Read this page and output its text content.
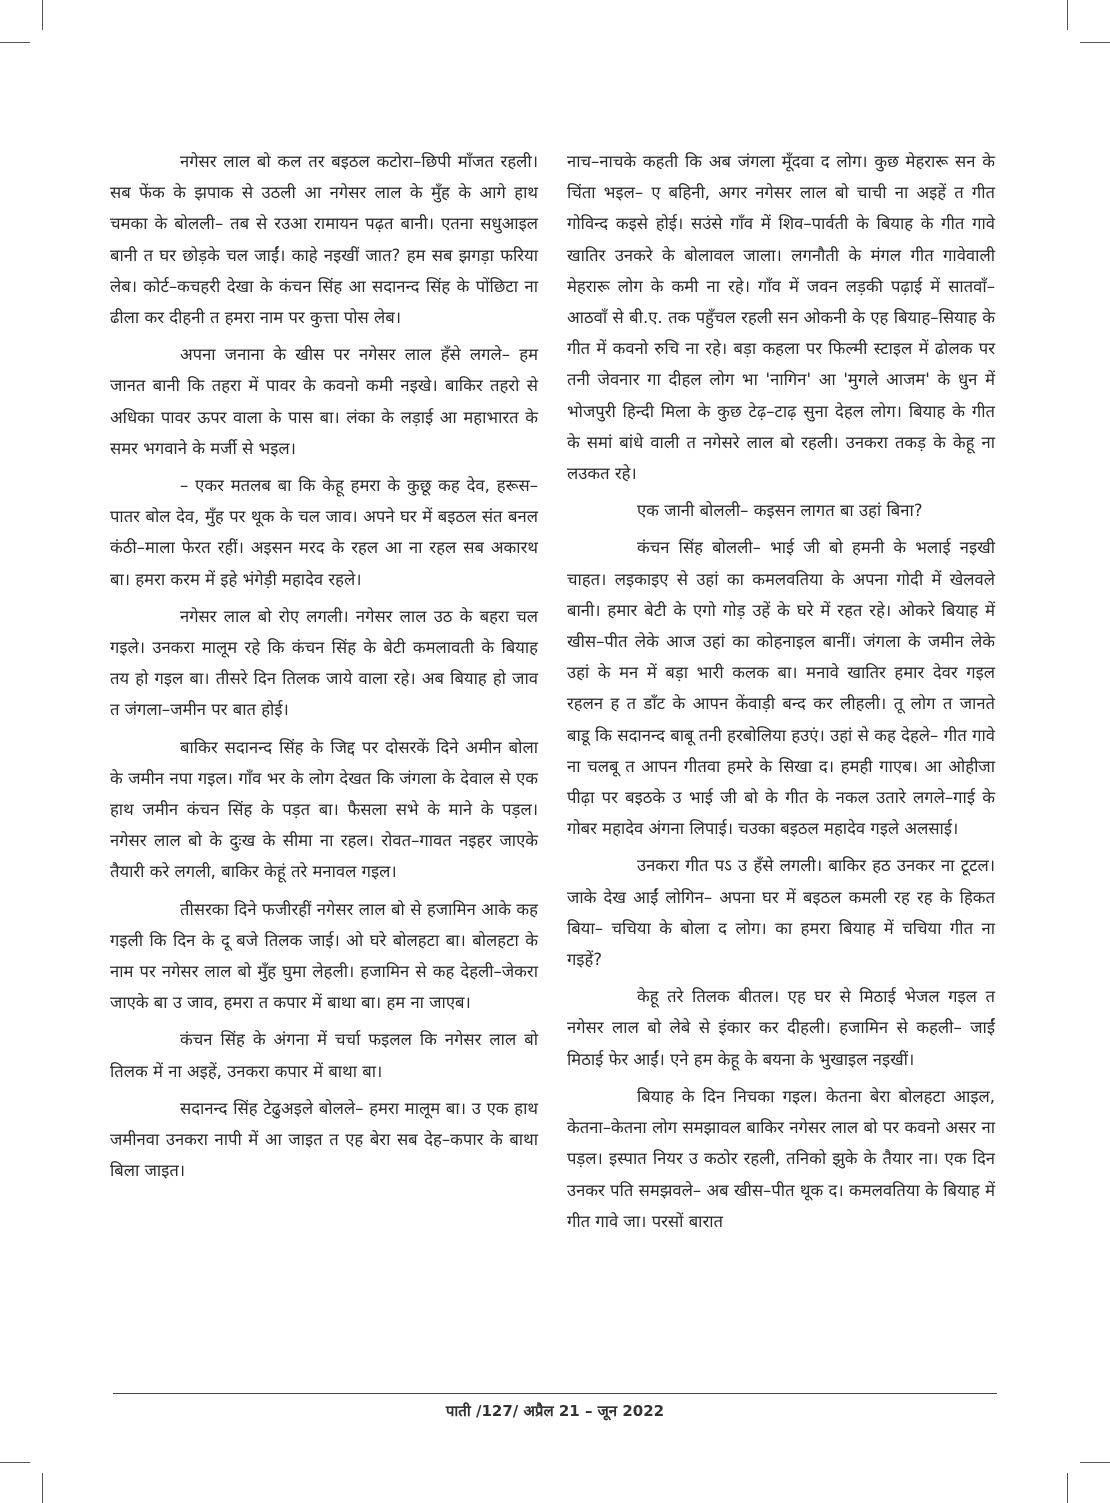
नगेसर लाल बो कल तर बइठल कटोरा–छिपी माँजत रहली। सब फेंक के झपाक से उठली आ नगेसर लाल के मुँह के आगे हाथ चमका के बोलली– तब से रउआ रामायन पढ़त बानी। एतना सधुआइल बानी त घर छोड़के चल जाईं। काहे नइखीं जात? हम सब झगड़ा फरिया लेब। कोर्ट–कचहरी देखा के कंचन सिंह आ सदानन्द सिंह के पोंछिटा ना ढीला कर दीहनी त हमरा नाम पर कुत्ता पोस लेब।

अपना जनाना के खीस पर नगेसर लाल हँसे लगले– हम जानत बानी कि तहरा में पावर के कवनो कमी नइखे। बाकिर तहरो से अधिका पावर ऊपर वाला के पास बा। लंका के लड़ाई आ महाभारत के समर भगवाने के मर्जी से भइल।

– एकर मतलब बा कि केहू हमरा के कुछू कह देव, हरूस–पातर बोल देव, मुँह पर थूक के चल जाव। अपने घर में बइठल संत बनल कंठी–माला फेरत रहीं। अइसन मरद के रहल आ ना रहल सब अकारथ बा। हमरा करम में इहे भंगेड़ी महादेव रहले।

नगेसर लाल बो रोए लगली। नगेसर लाल उठ के बहरा चल गइले। उनकरा मालूम रहे कि कंचन सिंह के बेटी कमलावती के बियाह तय हो गइल बा। तीसरे दिन तिलक जाये वाला रहे। अब बियाह हो जाव त जंगला–जमीन पर बात होई।

बाकिर सदानन्द सिंह के जिद्द पर दोसरकें दिने अमीन बोला के जमीन नपा गइल। गाँव भर के लोग देखत कि जंगला के देवाल से एक हाथ जमीन कंचन सिंह के पड़त बा। फैसला सभे के माने के पड़ल। नगेसर लाल बो के दुःख के सीमा ना रहल। रोवत–गावत नइहर जाएके तैयारी करे लगली, बाकिर केहूं तरे मनावल गइल।

तीसरका दिने फजीरहीं नगेसर लाल बो से हजामिन आके कह गइली कि दिन के दू बजे तिलक जाई। ओ घरे बोलहटा बा। बोलहटा के नाम पर नगेसर लाल बो मुँह घुमा लेहली। हजामिन से कह देहली–जेकरा जाएके बा उ जाव, हमरा त कपार में बाथा बा। हम ना जाएब।

कंचन सिंह के अंगना में चर्चा फइलल कि नगेसर लाल बो तिलक में ना अइहें, उनकरा कपार में बाथा बा।

सदानन्द सिंह टेढुअइले बोलले– हमरा मालूम बा। उ एक हाथ जमीनवा उनकरा नापी में आ जाइत त एह बेरा सब देह–कपार के बाथा बिला जाइत।

नाच–नाचके कहती कि अब जंगला मूँदवा द लोग। कुछ मेहरारू सन के चिंता भइल– ए बहिनी, अगर नगेसर लाल बो चाची ना अइहें त गीत गोविन्द कइसे होई। सउंसे गाँव में शिव–पार्वती के बियाह के गीत गावे खातिर उनकरे के बोलावल जाला। लगनौती के मंगल गीत गावेवाली मेहरारू लोग के कमी ना रहे। गाँव में जवन लड़की पढ़ाई में सातवाँ–आठवाँ से बी.ए. तक पहुँचल रहली सन ओकनी के एह बियाह–सियाह के गीत में कवनो रुचि ना रहे। बड़ा कहला पर फिल्मी स्टाइल में ढोलक पर तनी जेवनार गा दीहल लोग भा 'नागिन' आ 'मुगले आजम' के धुन में भोजपुरी हिन्दी मिला के कुछ टेढ़–टाढ़ सुना देहल लोग। बियाह के गीत के समां बांधे वाली त नगेसरे लाल बो रहली। उनकरा तकड़ के केहू ना लउकत रहे।

एक जानी बोलली– कइसन लागत बा उहां बिना?

कंचन सिंह बोलली– भाई जी बो हमनी के भलाई नइखी चाहत। लइकाइए से उहां का कमलवतिया के अपना गोदी में खेलवले बानी। हमार बेटी के एगो गोड़ उहें के घरे में रहत रहे। ओकरे बियाह में खीस–पीत लेके आज उहां का कोहनाइल बानीं। जंगला के जमीन लेके उहां के मन में बड़ा भारी कलक बा। मनावे खातिर हमार देवर गइल रहलन ह त डॉंट के आपन केंवाड़ी बन्द कर लीहली। तू लोग त जानते बाडू कि सदानन्द बाबू तनी हरबोलिया हउएं। उहां से कह देहले– गीत गावे ना चलबू त आपन गीतवा हमरे के सिखा द। हमही गाएब। आ ओहीजा पीढ़ा पर बइठके उ भाई जी बो के गीत के नकल उतारे लगले–गाई के गोबर महादेव अंगना लिपाई। चउका बइठल महादेव गइले अलसाई।

उनकरा गीत पऽ उ हँसे लगली। बाकिर हठ उनकर ना टूटल। जाके देख आईं लोगिन– अपना घर में बइठल कमली रह रह के हिकत बिया– चचिया के बोला द लोग। का हमरा बियाह में चचिया गीत ना गइहें?

केहू तरे तिलक बीतल। एह घर से मिठाई भेजल गइल त नगेसर लाल बो लेबे से इंकार कर दीहली। हजामिन से कहली– जाईं मिठाई फेर आईं। एने हम केहू के बयना के भुखाइल नइखीं।

बियाह के दिन निचका गइल। केतना बेरा बोलहटा आइल, केतना–केतना लोग समझावल बाकिर नगेसर लाल बो पर कवनो असर ना पड़ल। इस्पात नियर उ कठोर रहली, तनिको झुके के तैयार ना। एक दिन उनकर पति समझवले– अब खीस–पीत थूक द। कमलवतिया के बियाह में गीत गावे जा। परसों बारात

पाती /127/ अप्रैल 21 – जून 2022
